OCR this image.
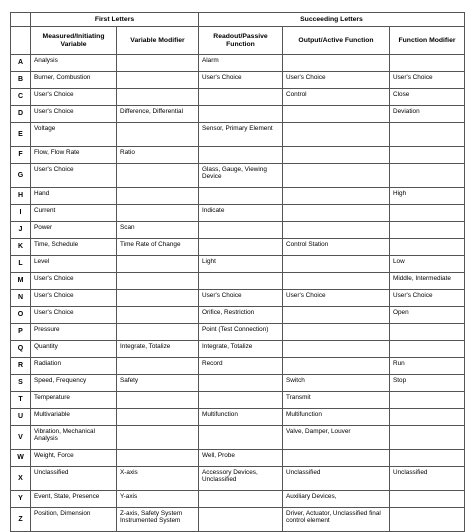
	First Letters		Succeeding Letters		
	Measured/Initiating Variable	Variable Modifier	Readout/Passive Function	Output/Active Function	Function Modifier
A	Analysis		Alarm		
B	Burner, Combustion		User's Choice	User's Choice	User's Choice
C	User's Choice			Control	Close
D	User's Choice	Difference, Differential			Deviation
E	Voltage		Sensor, Primary Element		
F	Flow, Flow Rate	Ratio			
G	User's Choice		Glass, Gauge, Viewing Device		
H	Hand				High
I	Current		Indicate		
J	Power	Scan			
K	Time, Schedule	Time Rate of Change		Control Station	
L	Level		Light		Low
M	User's Choice				Middle, Intermediate
N	User's Choice		User's Choice	User's Choice	User's Choice
O	User's Choice		Orifice, Restriction		Open
P	Pressure		Point (Test Connection)		
Q	Quantity	Integrate, Totalize	Integrate, Totalize		
R	Radiation		Record		Run
S	Speed, Frequency	Safety		Switch	Stop
T	Temperature			Transmit	
U	Multivariable		Multifunction	Multifunction	
V	Vibration, Mechanical Analysis			Valve, Damper, Louver	
W	Weight, Force		Well, Probe		
X	Unclassified	X-axis	Accessory Devices, Unclassified	Unclassified	Unclassified
Y	Event, State, Presence	Y-axis		Auxiliary Devices,	
Z	Position, Dimension	Z-axis, Safety System Instrumented System		Driver, Actuator, Unclassified final control element	
